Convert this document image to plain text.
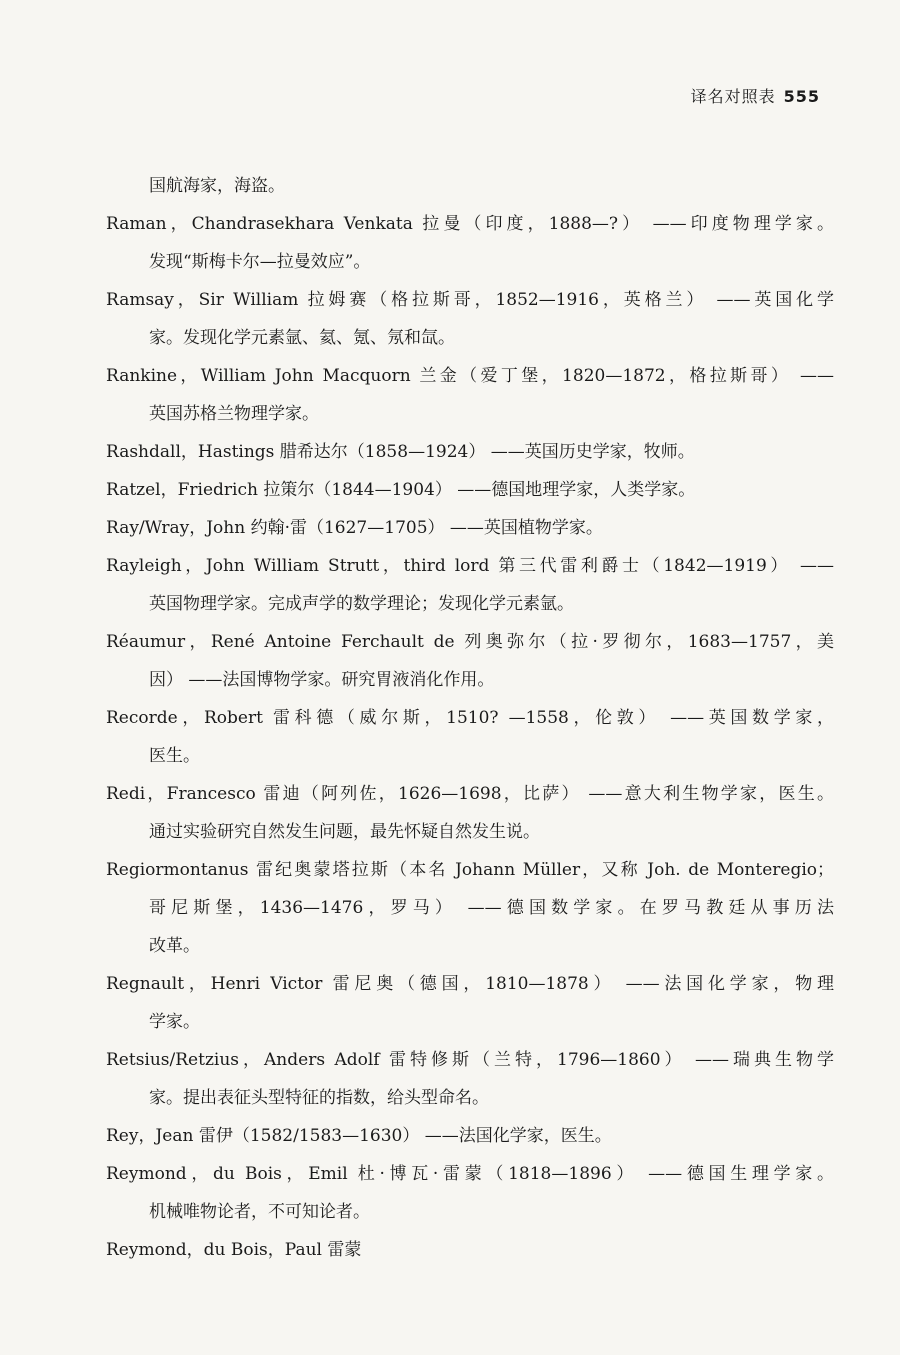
译名对照表 555
国航海家，海盗。
Raman，Chandrasekhara Venkata 拉曼（印度，1888—?） ——印度物理学家。
发现“斯梅卡尔—拉曼效应”。
Ramsay，Sir William 拉姆赛（格拉斯哥，1852—1916，英格兰） ——英国化学
家。发现化学元素氩、氦、氪、氖和氙。
Rankine，William John Macquorn 兰金（爱丁堡，1820—1872，格拉斯哥） ——
英国苏格兰物理学家。
Rashdall，Hastings 腊希达尔（1858—1924） ——英国历史学家，牧师。
Ratzel，Friedrich 拉策尔（1844—1904） ——德国地理学家，人类学家。
Ray/Wray，John 约翰·雷（1627—1705） ——英国植物学家。
Rayleigh，John William Strutt，third lord 第三代雷利爵士（1842—1919） ——
英国物理学家。完成声学的数学理论；发现化学元素氩。
Réaumur，René Antoine Ferchault de 列奥弥尔（拉·罗彻尔，1683—1757，美
因） ——法国博物学家。研究胃液消化作用。
Recorde，Robert 雷科德（威尔斯，1510? —1558，伦敦） ——英国数学家，
医生。
Redi，Francesco 雷迪（阿列佐，1626—1698，比萨） ——意大利生物学家，医生。
通过实验研究自然发生问题，最先怀疑自然发生说。
Regiormontanus 雷纪奥蒙塔拉斯（本名 Johann Müller，又称 Joh. de Monteregio；
哥尼斯堡，1436—1476，罗马） ——德国数学家。在罗马教廷从事历法
改革。
Regnault，Henri Victor 雷尼奥（德国，1810—1878） ——法国化学家，物理
学家。
Retsius/Retzius，Anders Adolf 雷特修斯（兰特，1796—1860） ——瑞典生物学
家。提出表征头型特征的指数，给头型命名。
Rey，Jean 雷伊（1582/1583—1630） ——法国化学家，医生。
Reymond，du Bois，Emil 杜·博瓦·雷蒙（1818—1896） ——德国生理学家。
机械唯物论者，不可知论者。
Reymond，du Bois，Paul 雷蒙
